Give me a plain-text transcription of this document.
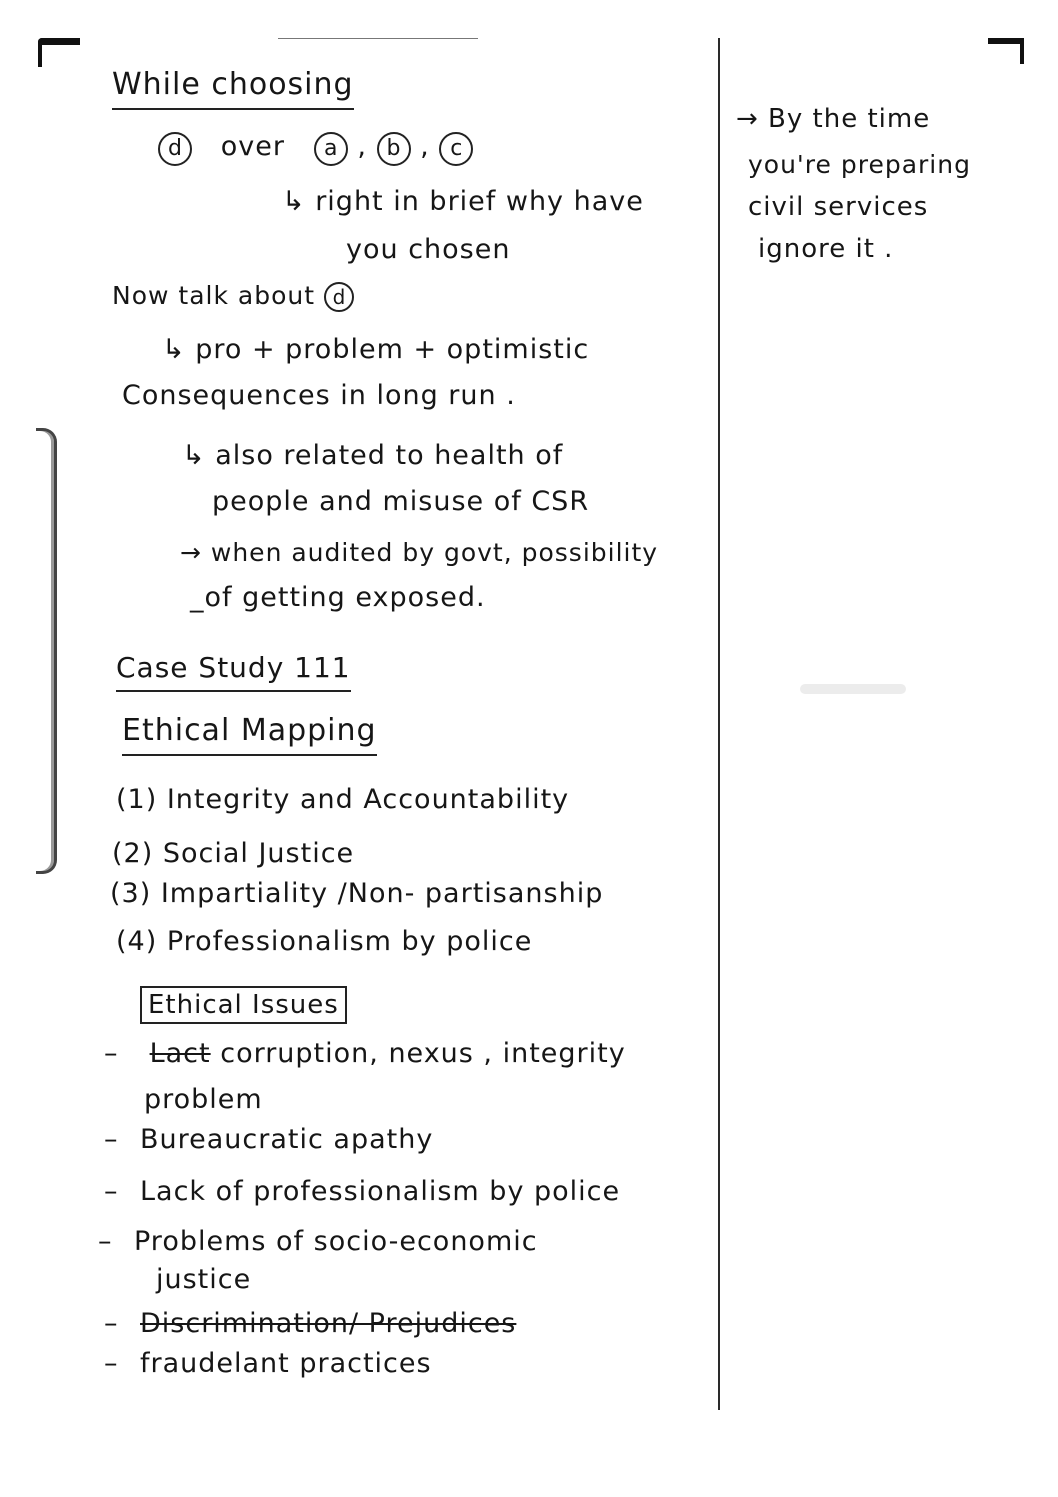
While choosing
d over a , b , c
↳ right in brief why have
you chosen
Now talk about d
↳ pro + problem + optimistic
Consequences in long run .
↳ also related to health of
people and misuse of CSR
→ when audited by govt, possibility
_of getting exposed.
Case Study 111
Ethical Mapping
(1) Integrity and Accountability
(2) Social Justice
(3) Impartiality /Non- partisanship
(4) Professionalism by police
Ethical Issues
– Lact corruption, nexus , integrity
problem
– Bureaucratic apathy
– Lack of professionalism by police
– Problems of socio-economic
justice
– Discrimination/ Prejudices
– fraudelant practices
→ By the time
you're preparing
civil services
ignore it .
